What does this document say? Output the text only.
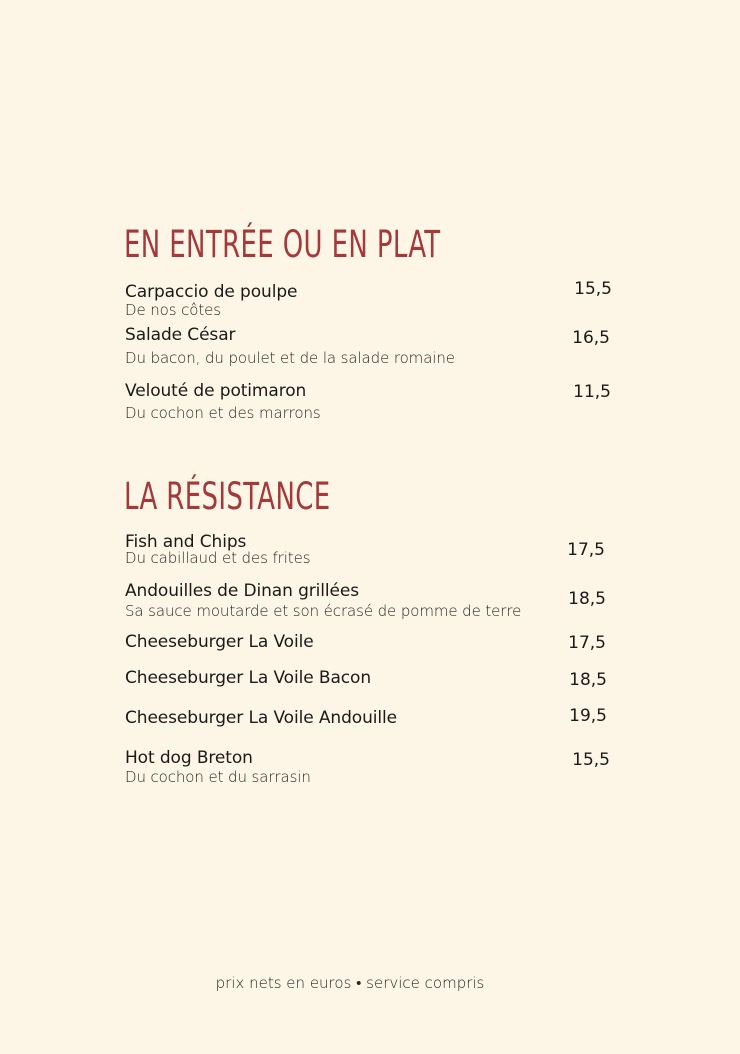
EN ENTRÉE OU EN PLAT
Carpaccio de poulpe
De nos côtes
15,5
Salade César
Du bacon, du poulet et de la salade romaine
16,5
Velouté de potimaron
Du cochon et des marrons
11,5
LA RÉSISTANCE
Fish and Chips
Du cabillaud et des frites	17,5
Andouilles de Dinan grillées
Sa sauce moutarde et son écrasé de pomme de terre
18,5
Cheeseburger La Voile	17,5
Cheeseburger La Voile Bacon	18,5
Cheeseburger La Voile Andouille	19,5
Hot dog Breton
Du cochon et du sarrasin
15,5
prix nets en euros • service compris
